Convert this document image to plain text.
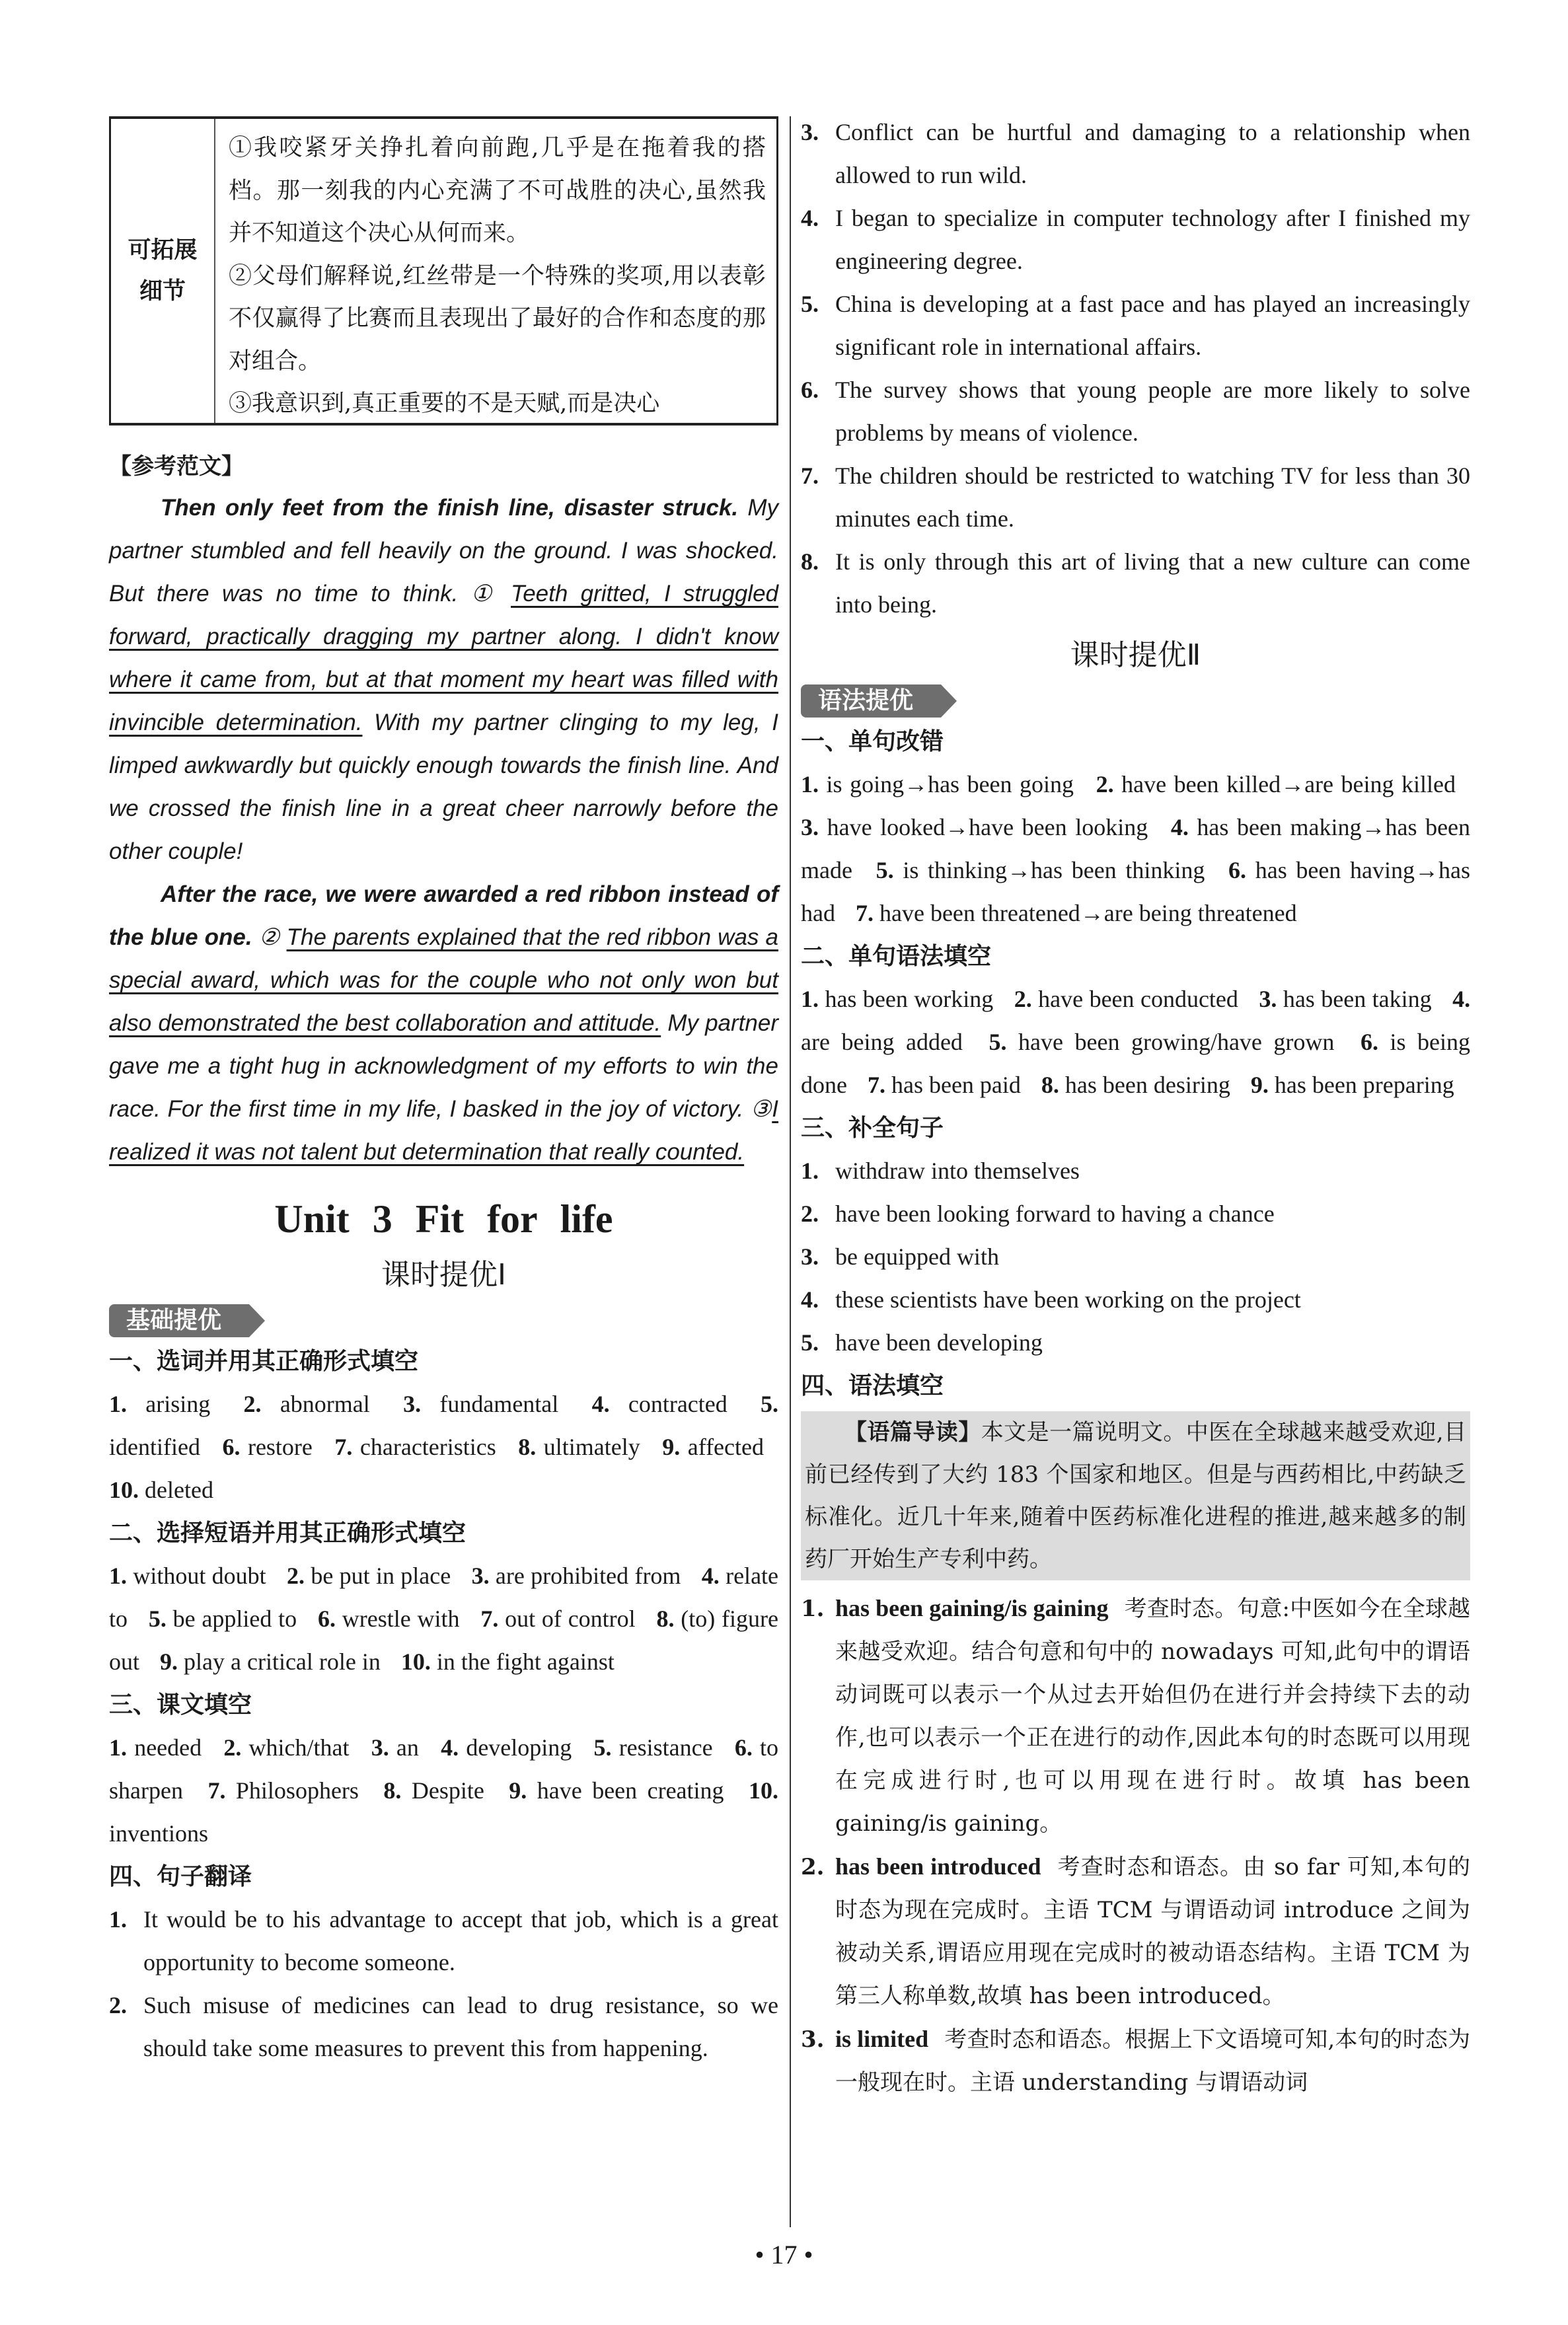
可拓展细节
①我咬紧牙关挣扎着向前跑,几乎是在拖着我的搭档。那一刻我的内心充满了不可战胜的决心,虽然我并不知道这个决心从何而来。
②父母们解释说,红丝带是一个特殊的奖项,用以表彰不仅赢得了比赛而且表现出了最好的合作和态度的那对组合。
③我意识到,真正重要的不是天赋,而是决心
【参考范文】

Then only feet from the finish line, disaster struck. My partner stumbled and fell heavily on the ground. I was shocked. But there was no time to think. ① Teeth gritted, I struggled forward, practically dragging my partner along. I didn't know where it came from, but at that moment my heart was filled with invincible determination. With my partner clinging to my leg, I limped awkwardly but quickly enough towards the finish line. And we crossed the finish line in a great cheer narrowly before the other couple!

After the race, we were awarded a red ribbon instead of the blue one. ② The parents explained that the red ribbon was a special award, which was for the couple who not only won but also demonstrated the best collaboration and attitude. My partner gave me a tight hug in acknowledgment of my efforts to win the race. For the first time in my life, I basked in the joy of victory. ③I realized it was not talent but determination that really counted.

Unit 3 Fit for life
课时提优Ⅰ
基础提优
一、选词并用其正确形式填空
1. arising 2. abnormal 3. fundamental 4. contracted 5. identified 6. restore 7. characteristics 8. ultimately 9. affected 10. deleted
二、选择短语并用其正确形式填空
1. without doubt 2. be put in place 3. are prohibited from 4. relate to 5. be applied to 6. wrestle with 7. out of control 8. (to) figure out 9. play a critical role in 10. in the fight against
三、课文填空
1. needed 2. which/that 3. an 4. developing 5. resistance 6. to sharpen 7. Philosophers 8. Despite 9. have been creating 10. inventions
四、句子翻译
1. It would be to his advantage to accept that job, which is a great opportunity to become someone.
2. Such misuse of medicines can lead to drug resistance, so we should take some measures to prevent this from happening.
3. Conflict can be hurtful and damaging to a relationship when allowed to run wild.
4. I began to specialize in computer technology after I finished my engineering degree.
5. China is developing at a fast pace and has played an increasingly significant role in international affairs.
6. The survey shows that young people are more likely to solve problems by means of violence.
7. The children should be restricted to watching TV for less than 30 minutes each time.
8. It is only through this art of living that a new culture can come into being.
课时提优Ⅱ
语法提优
一、单句改错
1. is going→has been going 2. have been killed→are being killed 3. have looked→have been looking 4. has been making→has been made 5. is thinking→has been thinking 6. has been having→has had 7. have been threatened→are being threatened
二、单句语法填空
1. has been working 2. have been conducted 3. has been taking 4. are being added 5. have been growing/have grown 6. is being done 7. has been paid 8. has been desiring 9. has been preparing
三、补全句子
1. withdraw into themselves
2. have been looking forward to having a chance
3. be equipped with
4. these scientists have been working on the project
5. have been developing
四、语法填空
【语篇导读】本文是一篇说明文。中医在全球越来越受欢迎,目前已经传到了大约 183 个国家和地区。但是与西药相比,中药缺乏标准化。近几十年来,随着中医药标准化进程的推进,越来越多的制药厂开始生产专利中药。
1. has been gaining/is gaining 考查时态。句意:中医如今在全球越来越受欢迎。结合句意和句中的 nowadays 可知,此句中的谓语动词既可以表示一个从过去开始但仍在进行并会持续下去的动作,也可以表示一个正在进行的动作,因此本句的时态既可以用现在完成进行时,也可以用现在进行时。故填 has been gaining/is gaining。
2. has been introduced 考查时态和语态。由 so far 可知,本句的时态为现在完成时。主语 TCM 与谓语动词 introduce 之间为被动关系,谓语应用现在完成时的被动语态结构。主语 TCM 为第三人称单数,故填 has been introduced。
3. is limited 考查时态和语态。根据上下文语境可知,本句的时态为一般现在时。主语 understanding 与谓语动词
• 17 •
